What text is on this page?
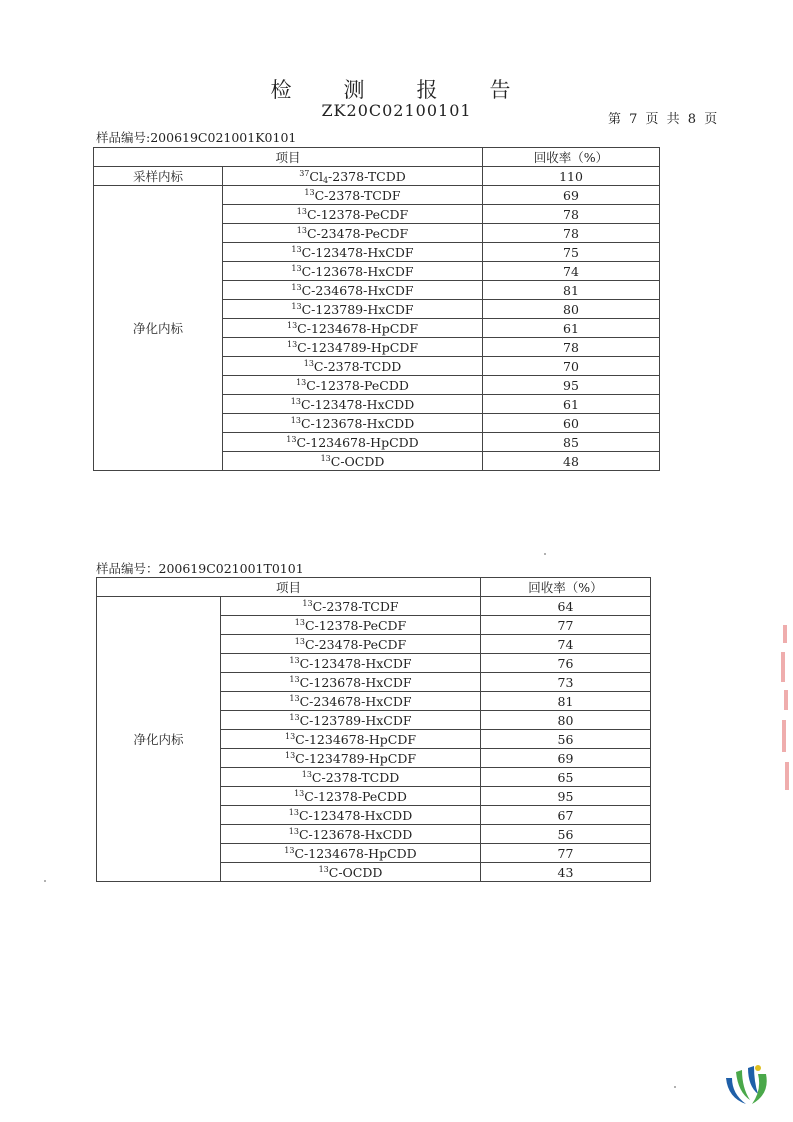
检测报告
ZK20C02100101	第 7 页 共 8 页
样品编号:200619C021001K0101
项目		回收率（%）
采样内标	$^{37}Cl_4-2378$-TCDD	110
净化内标	$^{13}$C-2378-TCDF	69
	$^{13}$C-12378-PeCDF	78
	$^{13}$C-23478-PeCDF	78
	$^{13}$C-123478-HxCDF	75
	$^{13}$C-123678-HxCDF	74
	$^{13}$C-234678-HxCDF	81
	$^{13}$C-123789-HxCDF	80
	$^{13}$C-1234678-HpCDF	61
	$^{13}$C-1234789-HpCDF	78
	$^{13}$C-2378-TCDD	70
	$^{13}$C-12378-PeCDD	95
	$^{13}$C-123478-HxCDD	61
	$^{13}$C-123678-HxCDD	60
	$^{13}$C-1234678-HpCDD	85
	$^{13}$C-OCDD	48
样品编号：200619C021001T0101
项目		回收率（%）
净化内标	$^{13}$C-2378-TCDF	64
	$^{13}$C-12378-PeCDF	77
	$^{13}$C-23478-PeCDF	74
	$^{13}$C-123478-HxCDF	76
	$^{13}$C-123678-HxCDF	73
	$^{13}$C-234678-HxCDF	81
	$^{13}$C-123789-HxCDF	80
	$^{13}$C-1234678-HpCDF	56
	$^{13}$C-1234789-HpCDF	69
	$^{13}$C-2378-TCDD	65
	$^{13}$C-12378-PeCDD	95
	$^{13}$C-123478-HxCDD	67
	$^{13}$C-123678-HxCDD	56
	$^{13}$C-1234678-HpCDD	77
	$^{13}$C-OCDD	43
